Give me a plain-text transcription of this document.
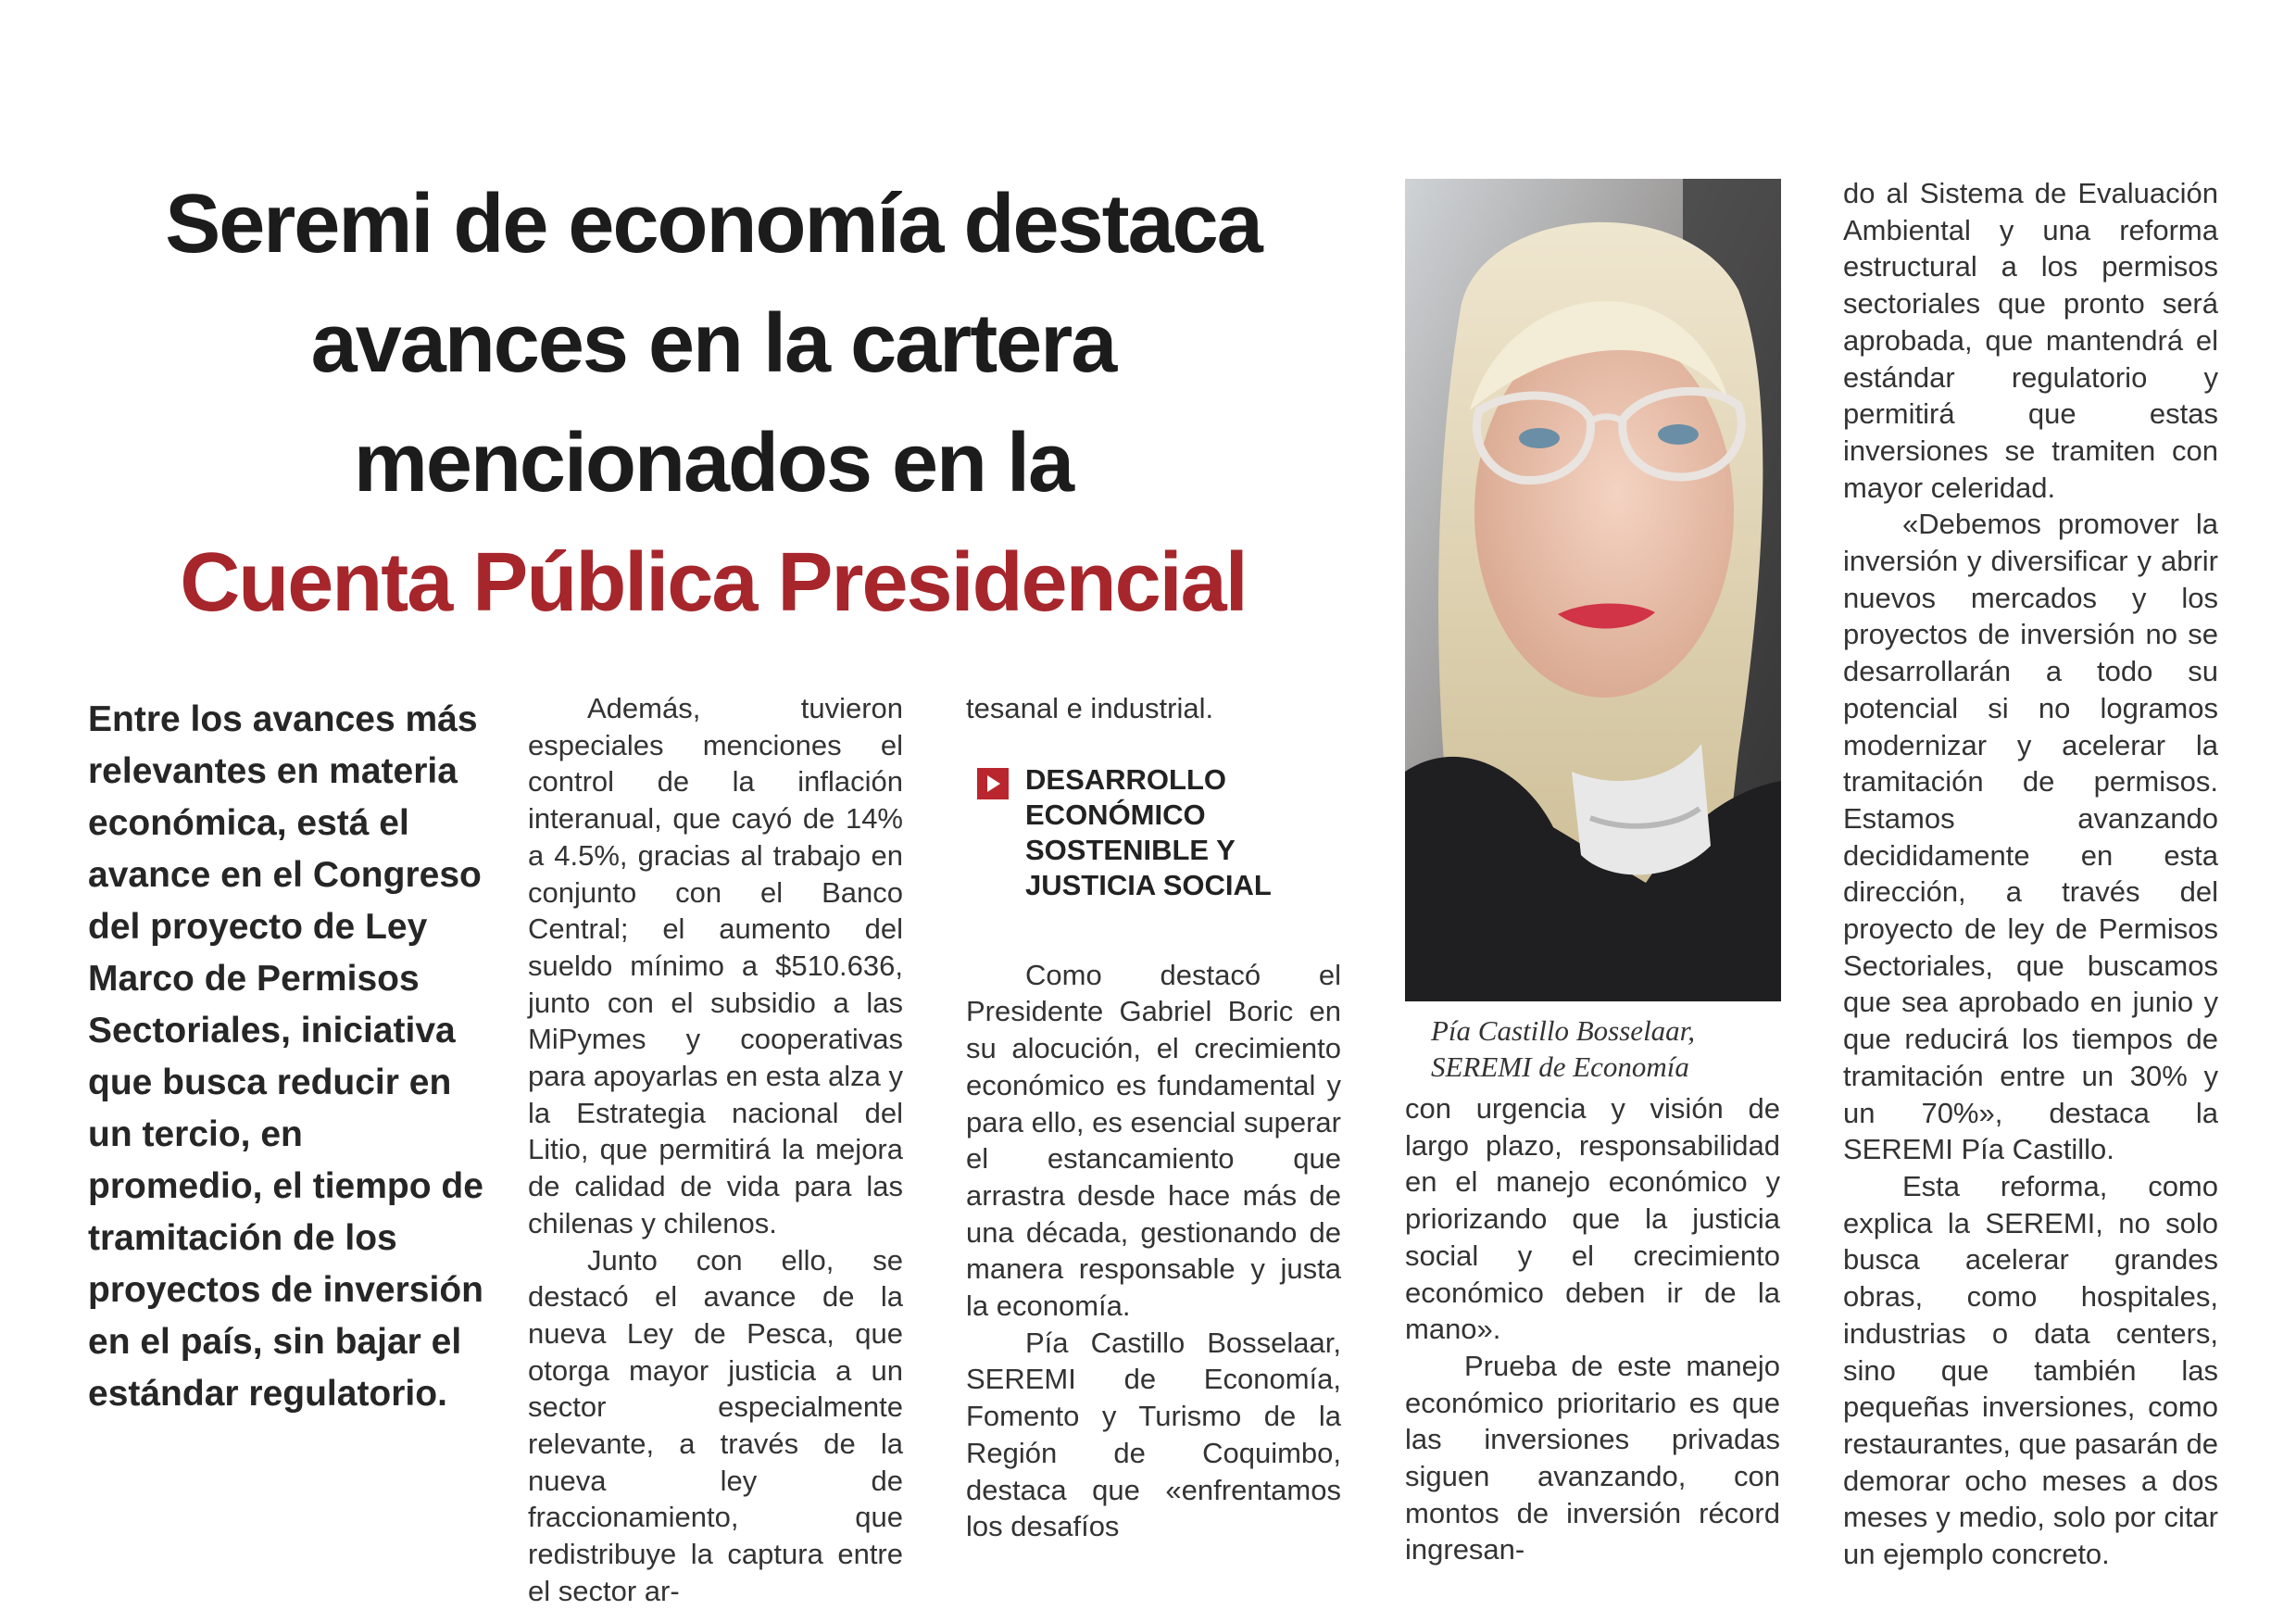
Seremi de economía destaca
avances en la cartera
mencionados en la
Cuenta Pública Presidencial
Entre los avances más relevantes en materia económica, está el avance en el Congreso del proyecto de Ley Marco de Permisos Sectoriales, iniciativa que busca reducir en un tercio, en promedio, el tiempo de tramitación de los proyectos de inversión en el país, sin bajar el estándar regulatorio.

Además, tuvieron especiales menciones el control de la inflación interanual, que cayó de 14% a 4.5%, gracias al trabajo en conjunto con el Banco Central; el aumento del sueldo mínimo a $510.636, junto con el subsidio a las MiPymes y cooperativas para apoyarlas en esta alza y la Estrategia nacional del Litio, que permitirá la mejora de calidad de vida para las chilenas y chilenos.

Junto con ello, se destacó el avance de la nueva Ley de Pesca, que otorga mayor justicia a un sector especialmente relevante, a través de la nueva ley de fraccionamiento, que redistribuye la captura entre el sector ar-

tesanal e industrial.

DESARROLLO ECONÓMICO SOSTENIBLE Y JUSTICIA SOCIAL

Como destacó el Presidente Gabriel Boric en su alocución, el crecimiento económico es fundamental y para ello, es esencial superar el estancamiento que arrastra desde hace más de una década, gestionando de manera responsable y justa la economía.

Pía Castillo Bosselaar, SEREMI de Economía, Fomento y Turismo de la Región de Coquimbo, destaca que «enfrentamos los desafíos

Pía Castillo Bosselaar,
SEREMI de Economía

con urgencia y visión de largo plazo, responsabilidad en el manejo económico y priorizando que la justicia social y el crecimiento económico deben ir de la mano».

Prueba de este manejo económico prioritario es que las inversiones privadas siguen avanzando, con montos de inversión récord ingresan-

do al Sistema de Evaluación Ambiental y una reforma estructural a los permisos sectoriales que pronto será aprobada, que mantendrá el estándar regulatorio y permitirá que estas inversiones se tramiten con mayor celeridad.

«Debemos promover la inversión y diversificar y abrir nuevos mercados y los proyectos de inversión no se desarrollarán a todo su potencial si no logramos modernizar y acelerar la tramitación de permisos. Estamos avanzando decididamente en esta dirección, a través del proyecto de ley de Permisos Sectoriales, que buscamos que sea aprobado en junio y que reducirá los tiempos de tramitación entre un 30% y un 70%», destaca la SEREMI Pía Castillo.

Esta reforma, como explica la SEREMI, no solo busca acelerar grandes obras, como hospitales, industrias o data centers, sino que también las pequeñas inversiones, como restaurantes, que pasarán de demorar ocho meses a dos meses y medio, solo por citar un ejemplo concreto.
